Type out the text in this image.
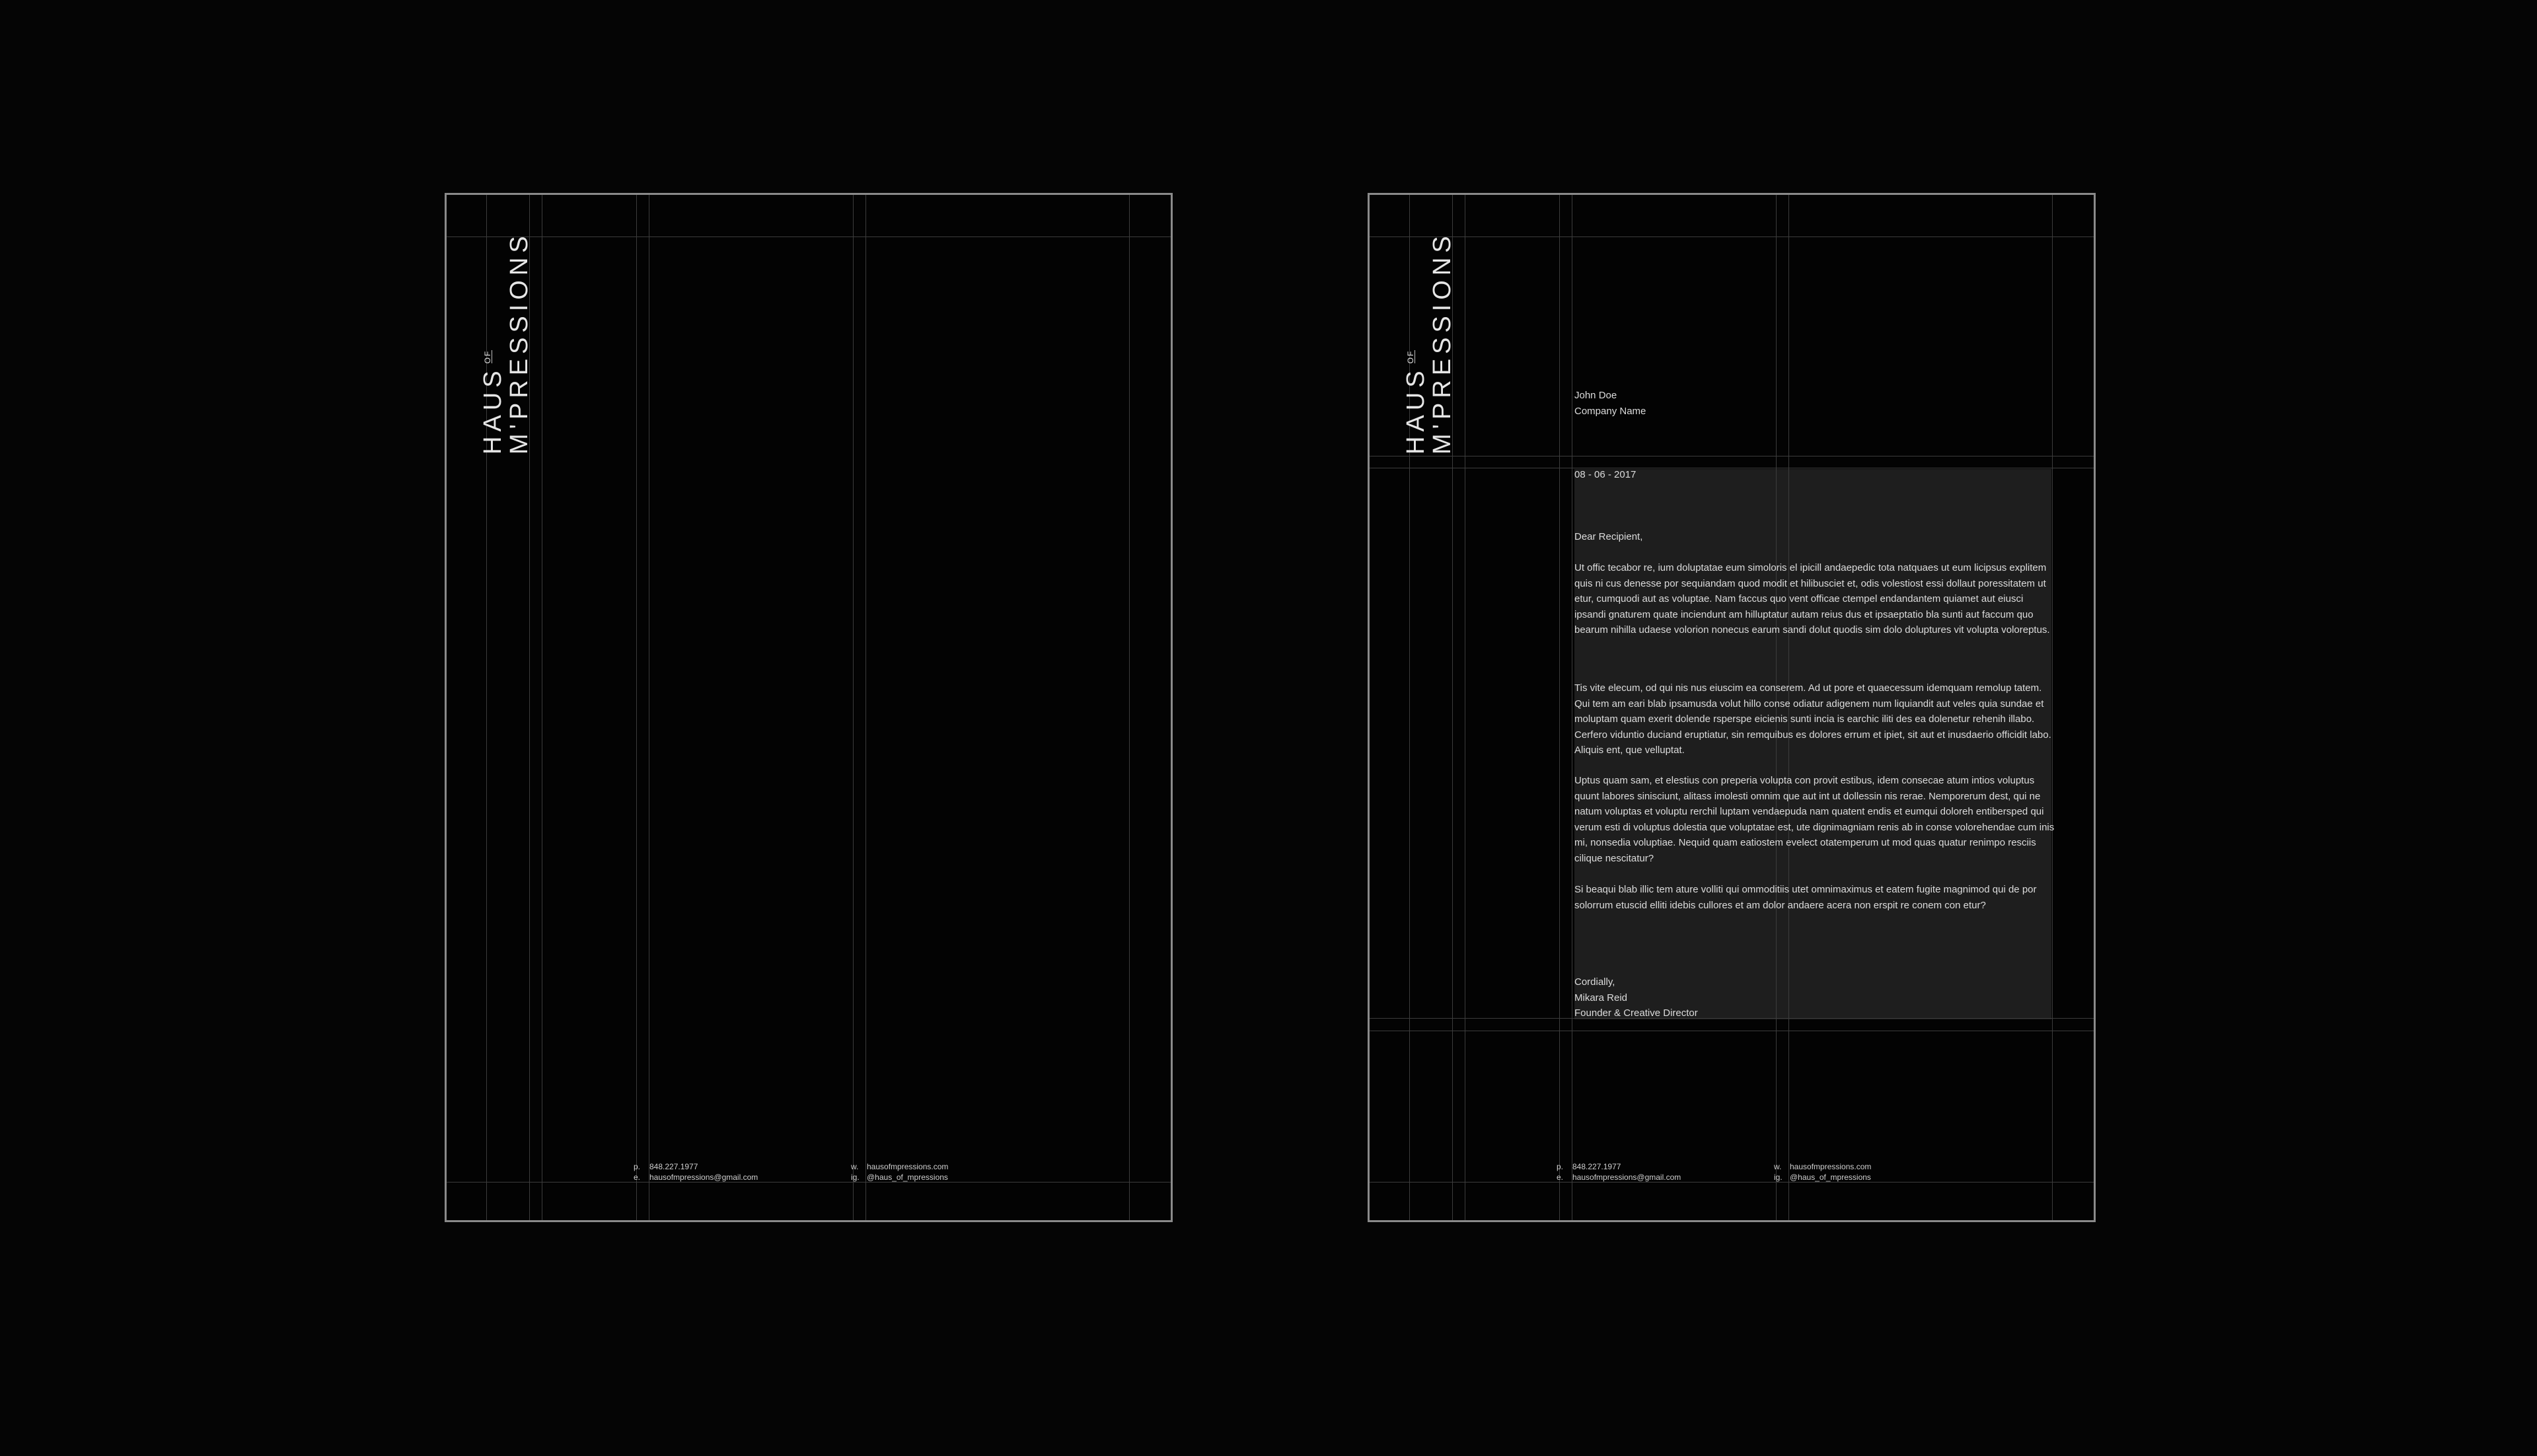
HAUSOF M'PRESSIONS
p. 848.227.1977
e. hausofmpressions@gmail.com
w. hausofmpressions.com
ig. @haus_of_mpressions
HAUSOF M'PRESSIONS	John Doe
Company Name
08 - 06 - 2017
Dear Recipient,
Ut offic tecabor re, ium doluptatae eum simoloris el ipicill andaepedic tota natquaes ut eum licipsus explitem quis ni cus denesse por sequiandam quod modit et hilibusciet et, odis volestiost essi dollaut poressitatem ut etur, cumquodi aut as voluptae. Nam faccus quo vent officae ctempel endandantem quiamet aut eiusci ipsandi gnaturem quate inciendunt am hilluptatur autam reius dus et ipsaeptatio bla sunti aut faccum quo bearum nihilla udaese volorion nonecus earum sandi dolut quodis sim dolo doluptures vit volupta voloreptus.
Tis vite elecum, od qui nis nus eiuscim ea conserem. Ad ut pore et quaecessum idemquam remolup tatem. Qui tem am eari blab ipsamusda volut hillo conse odiatur adigenem num liquiandit aut veles quia sundae et moluptam quam exerit dolende rsperspe eicienis sunti incia is earchic iliti des ea dolenetur rehenih illabo. Cerfero viduntio duciand eruptiatur, sin remquibus es dolores errum et ipiet, sit aut et inusdaerio officidit labo. Aliquis ent, que velluptat.
Uptus quam sam, et elestius con preperia volupta con provit estibus, idem consecae atum intios voluptus quunt labores sinisciunt, alitass imolesti omnim que aut int ut dollessin nis rerae. Nemporerum dest, qui ne natum voluptas et voluptu rerchil luptam vendaepuda nam quatent endis et eumqui doloreh entibersped qui verum esti di voluptus dolestia que voluptatae est, ute dignimagniam renis ab in conse volorehendae cum inis mi, nonsedia voluptiae. Nequid quam eatiostem evelect otatemperum ut mod quas quatur renimpo resciis cilique nescitatur?
Si beaqui blab illic tem ature volliti qui ommoditiis utet omnimaximus et eatem fugite magnimod qui de por solorrum etuscid elliti idebis cullores et am dolor andaere acera non erspit re conem con etur?
Cordially,
Mikara Reid
Founder & Creative Director
p. 848.227.1977
e. hausofmpressions@gmail.com
w. hausofmpressions.com
ig. @haus_of_mpressions
